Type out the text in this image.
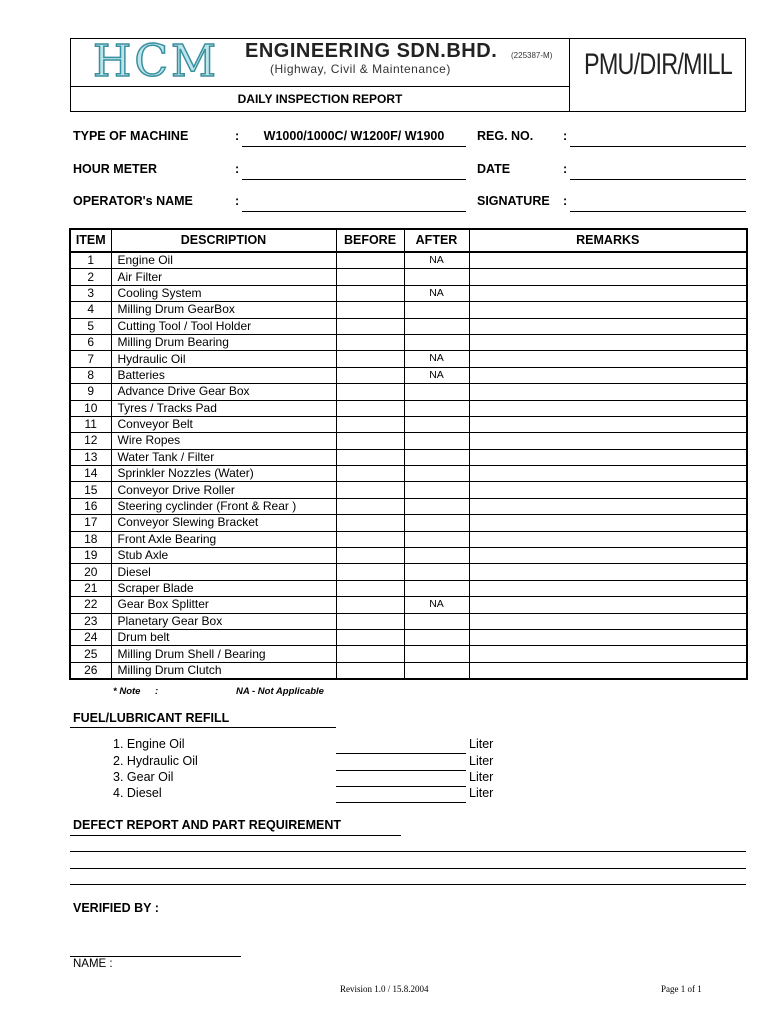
HCM ENGINEERING SDN.BHD. (225387-M)
(Highway, Civil & Maintenance)	PMU/DIR/MILL
DAILY INSPECTION REPORT
TYPE OF MACHINE	:	W1000/1000C/ W1200F/ W1900
HOUR METER	:
OPERATOR's NAME	:
REG. NO. :
DATE	:
SIGNATURE :
ITEM	DESCRIPTION	BEFORE	AFTER	REMARKS
1	Engine Oil		NA	
2	Air Filter			
3	Cooling System		NA	
4	Milling Drum GearBox			
5	Cutting Tool / Tool Holder			
6	Milling Drum Bearing			
7	Hydraulic Oil		NA	
8	Batteries		NA	
9	Advance Drive Gear Box			
10	Tyres / Tracks Pad			
11	Conveyor Belt			
12	Wire Ropes			
13	Water Tank / Filter			
14	Sprinkler Nozzles (Water)			
15	Conveyor Drive Roller			
16	Steering cyclinder (Front & Rear )			
17	Conveyor Slewing Bracket			
18	Front Axle Bearing			
19	Stub Axle			
20	Diesel			
21	Scraper Blade			
22	Gear Box Splitter		NA	
23	Planetary Gear Box			
24	Drum belt			
25	Milling Drum Shell / Bearing			
26	Milling Drum Clutch			
* Note :	NA - Not Applicable
FUEL/LUBRICANT REFILL
1. Engine Oil	Liter
2. Hydraulic Oil	Liter
3. Gear Oil	Liter
4. Diesel	Liter
DEFECT REPORT AND PART REQUIREMENT
VERIFIED BY :
NAME :
Revision 1.0 / 15.8.2004	Page 1 of 1
